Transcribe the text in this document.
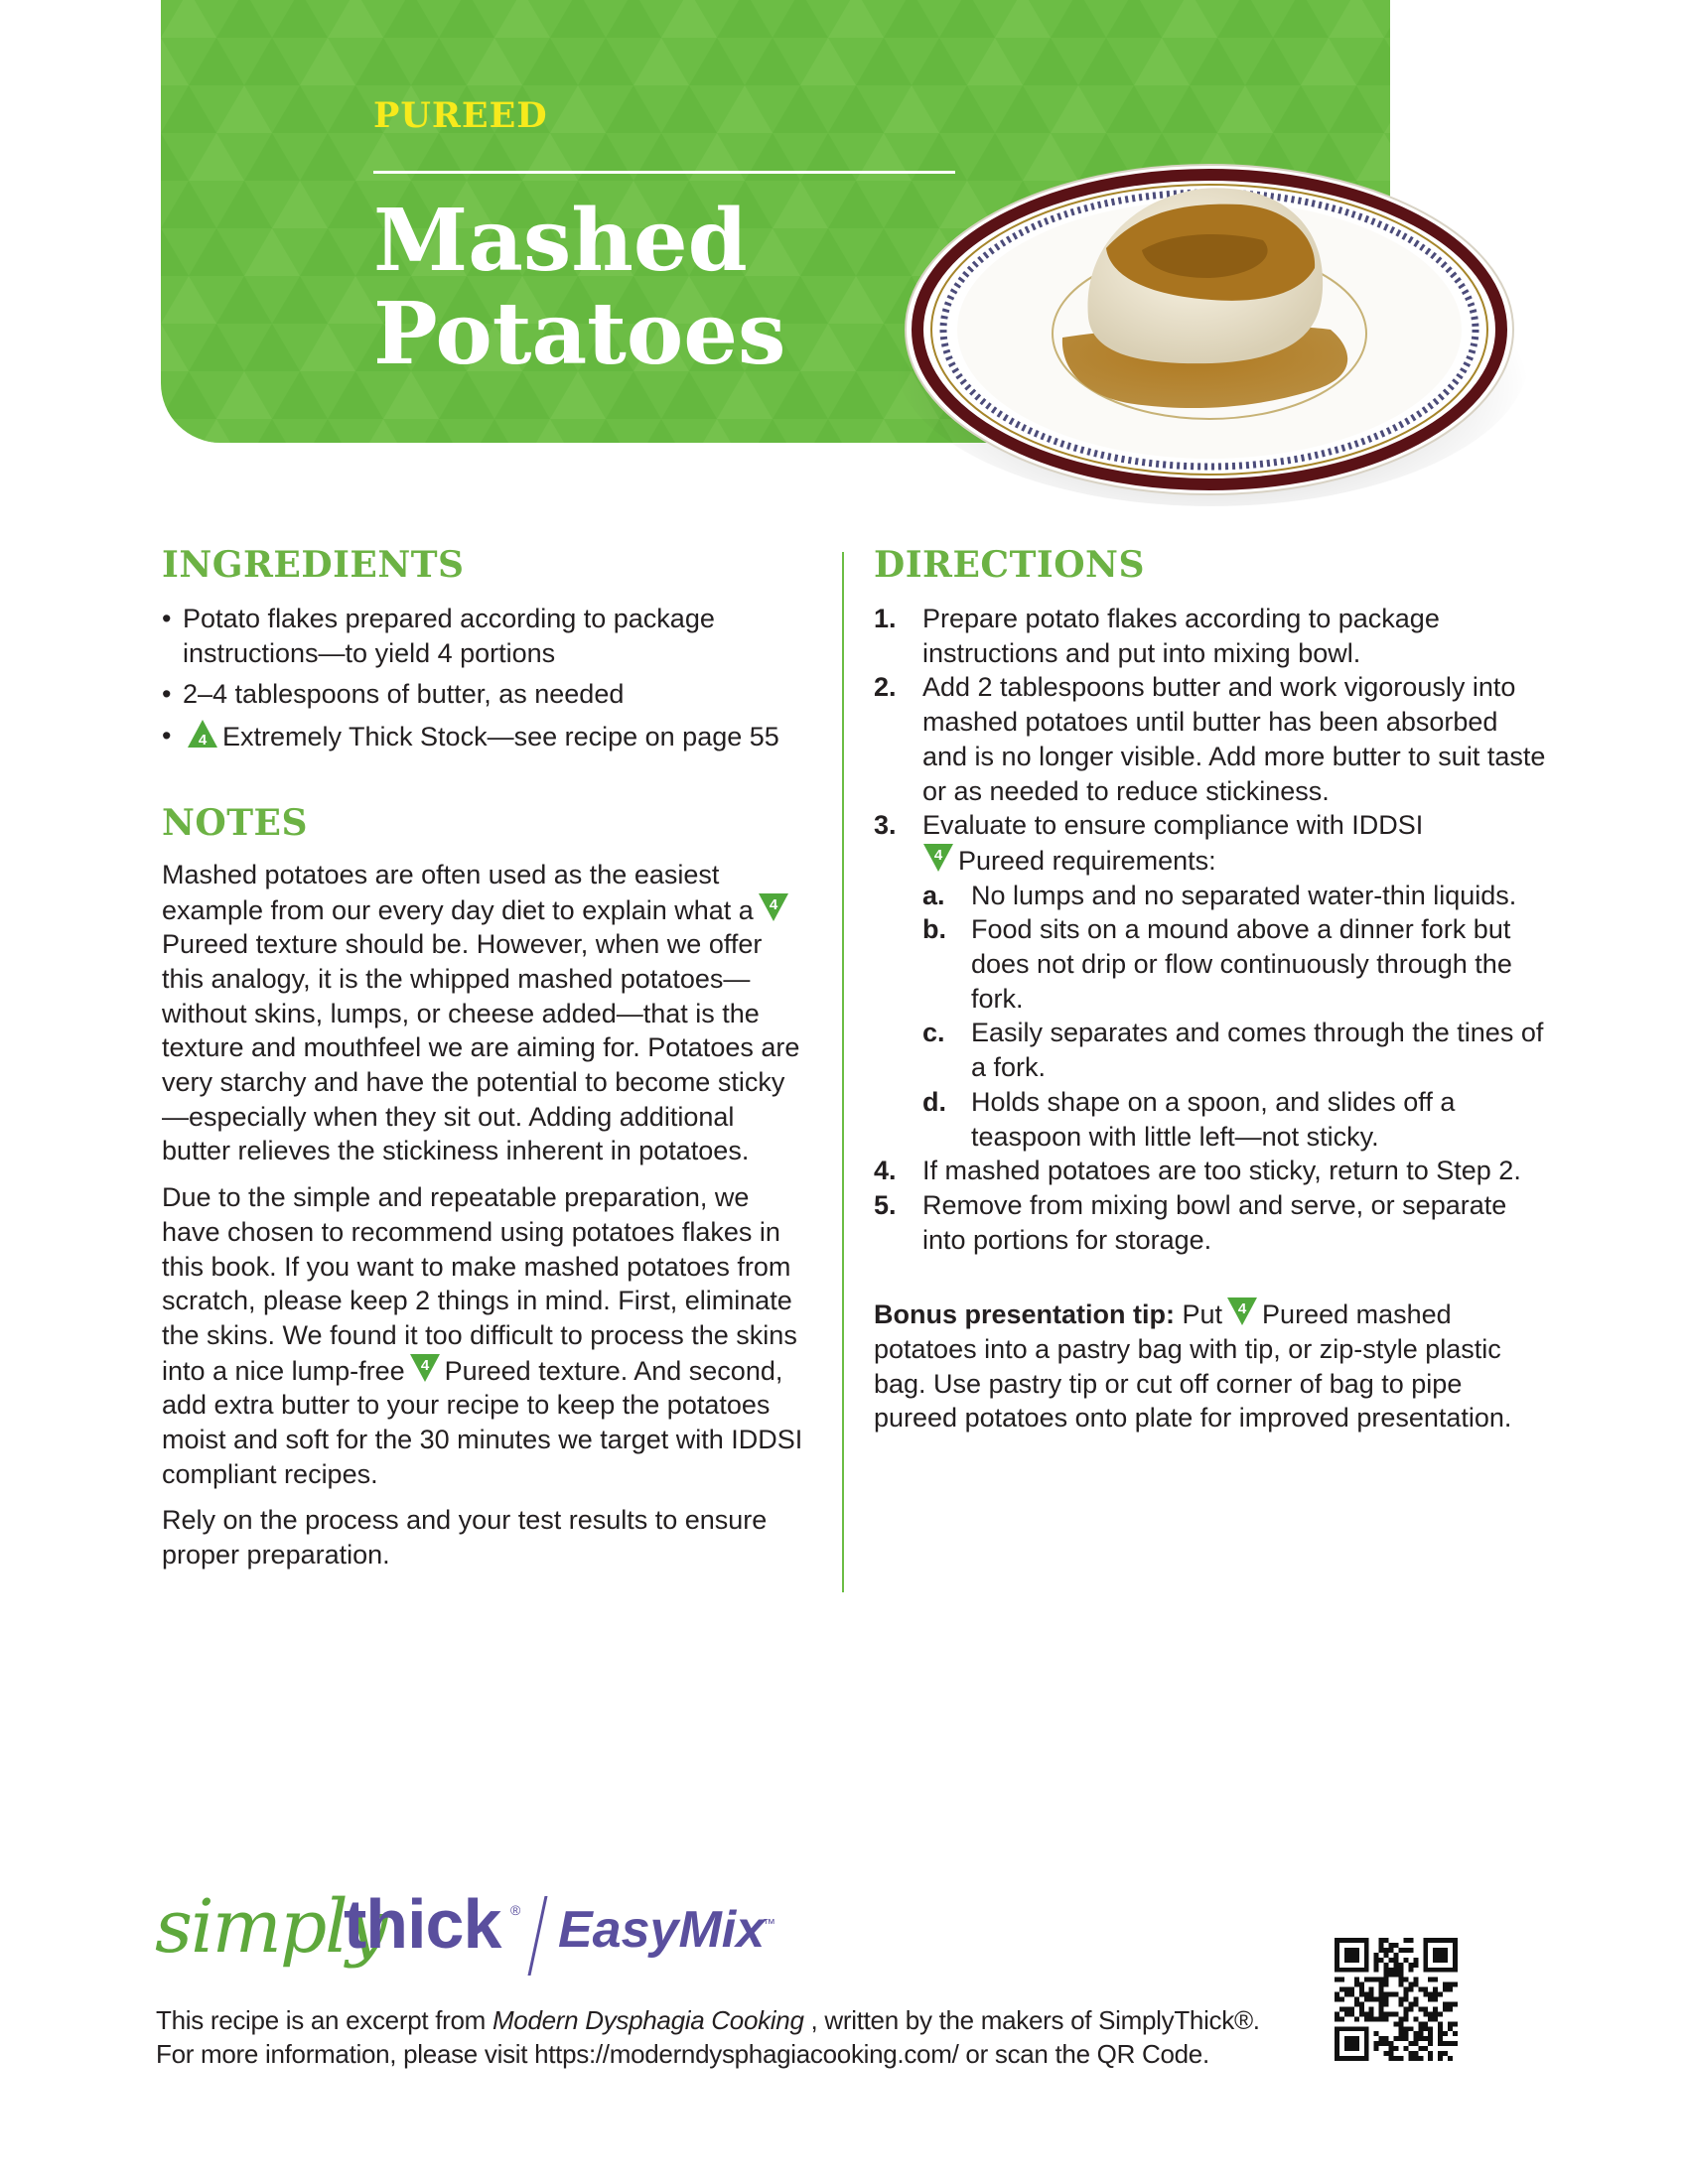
PUREED
Mashed
Potatoes
INGREDIENTS
• Potato flakes prepared according to package instructions—to yield 4 portions
• 2–4 tablespoons of butter, as needed
• 4 Extremely Thick Stock—see recipe on page 55
NOTES

Mashed potatoes are often used as the easiest example from our every day diet to explain what a 4
Pureed texture should be. However, when we offer this analogy, it is the whipped mashed potatoes—without skins, lumps, or cheese added—that is the texture and mouthfeel we are aiming for. Potatoes are very starchy and have the potential to become sticky—especially when they sit out. Adding additional butter relieves the stickiness inherent in potatoes.

Due to the simple and repeatable preparation, we have chosen to recommend using potatoes flakes in this book. If you want to make mashed potatoes from scratch, please keep 2 things in mind. First, eliminate the skins. We found it too difficult to process the skins into a nice lump-free 4 Pureed texture. And second, add extra butter to your recipe to keep the potatoes moist and soft for the 30 minutes we target with IDDSI compliant recipes.

Rely on the process and your test results to ensure proper preparation.

DIRECTIONS
1. Prepare potato flakes according to package instructions and put into mixing bowl.
2. Add 2 tablespoons butter and work vigorously into mashed potatoes until butter has been absorbed and is no longer visible. Add more butter to suit taste or as needed to reduce stickiness.
3. Evaluate to ensure compliance with IDDSI

4 Pureed requirements:
a. No lumps and no separated water-thin liquids.
b. Food sits on a mound above a dinner fork but does not drip or flow continuously through the fork.
c. Easily separates and comes through the tines of a fork.
d. Holds shape on a spoon, and slides off a teaspoon with little left—not sticky.
4. If mashed potatoes are too sticky, return to Step 2.
5. Remove from mixing bowl and serve, or separate into portions for storage.

Bonus presentation tip: Put 4 Pureed mashed potatoes into a pastry bag with tip, or zip-style plastic bag. Use pastry tip or cut off corner of bag to pipe pureed potatoes onto plate for improved presentation.

simply
thick ® EasyMix
™
This recipe is an excerpt from Modern Dysphagia Cooking , written by the makers of SimplyThick®.
For more information, please visit https://moderndysphagiacooking.com/ or scan the QR Code.
